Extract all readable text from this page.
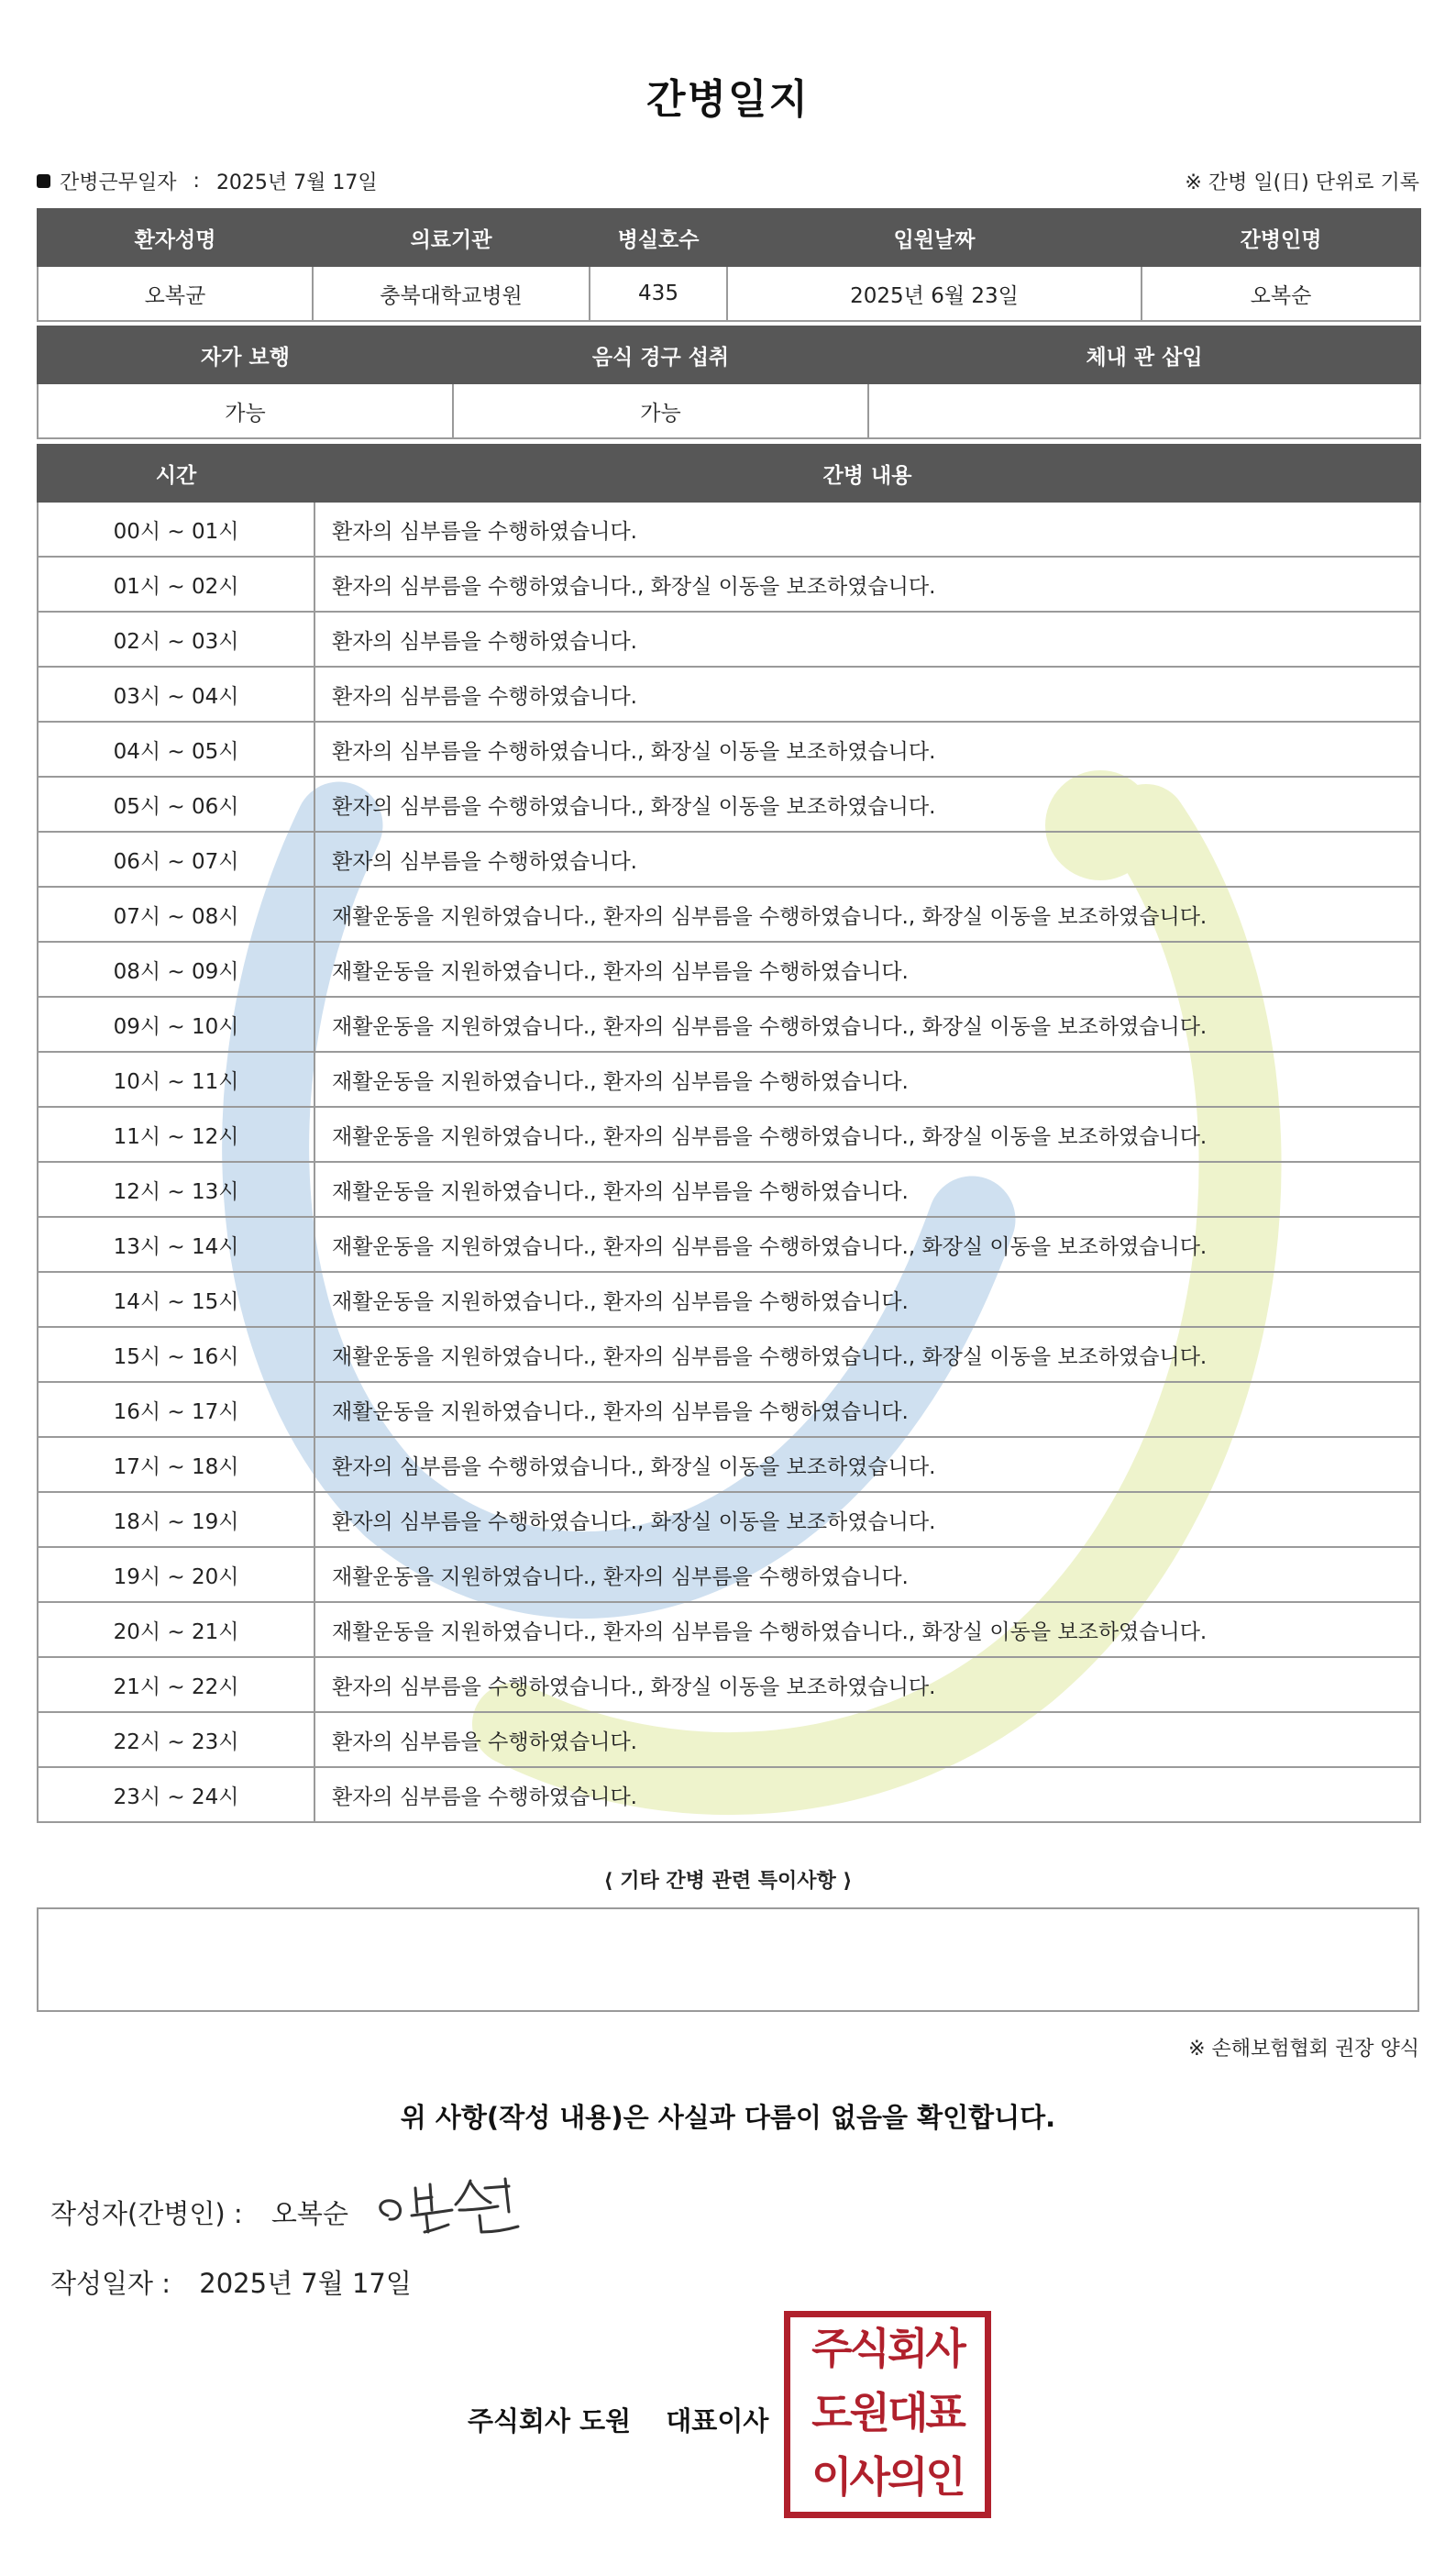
간병일지
간병근무일자 : 2025년 7월 17일	※ 간병 일(日) 단위로 기록
환자성명	의료기관	병실호수	입원날짜	간병인명
오복균	충북대학교병원	435	2025년 6월 23일	오복순
자가 보행	음식 경구 섭취	체내 관 삽입
가능	가능	
시간	간병 내용
00시 ~ 01시	환자의 심부름을 수행하였습니다.
01시 ~ 02시	환자의 심부름을 수행하였습니다., 화장실 이동을 보조하였습니다.
02시 ~ 03시	환자의 심부름을 수행하였습니다.
03시 ~ 04시	환자의 심부름을 수행하였습니다.
04시 ~ 05시	환자의 심부름을 수행하였습니다., 화장실 이동을 보조하였습니다.
05시 ~ 06시	환자의 심부름을 수행하였습니다., 화장실 이동을 보조하였습니다.
06시 ~ 07시	환자의 심부름을 수행하였습니다.
07시 ~ 08시	재활운동을 지원하였습니다., 환자의 심부름을 수행하였습니다., 화장실 이동을 보조하였습니다.
08시 ~ 09시	재활운동을 지원하였습니다., 환자의 심부름을 수행하였습니다.
09시 ~ 10시	재활운동을 지원하였습니다., 환자의 심부름을 수행하였습니다., 화장실 이동을 보조하였습니다.
10시 ~ 11시	재활운동을 지원하였습니다., 환자의 심부름을 수행하였습니다.
11시 ~ 12시	재활운동을 지원하였습니다., 환자의 심부름을 수행하였습니다., 화장실 이동을 보조하였습니다.
12시 ~ 13시	재활운동을 지원하였습니다., 환자의 심부름을 수행하였습니다.
13시 ~ 14시	재활운동을 지원하였습니다., 환자의 심부름을 수행하였습니다., 화장실 이동을 보조하였습니다.
14시 ~ 15시	재활운동을 지원하였습니다., 환자의 심부름을 수행하였습니다.
15시 ~ 16시	재활운동을 지원하였습니다., 환자의 심부름을 수행하였습니다., 화장실 이동을 보조하였습니다.
16시 ~ 17시	재활운동을 지원하였습니다., 환자의 심부름을 수행하였습니다.
17시 ~ 18시	환자의 심부름을 수행하였습니다., 화장실 이동을 보조하였습니다.
18시 ~ 19시	환자의 심부름을 수행하였습니다., 화장실 이동을 보조하였습니다.
19시 ~ 20시	재활운동을 지원하였습니다., 환자의 심부름을 수행하였습니다.
20시 ~ 21시	재활운동을 지원하였습니다., 환자의 심부름을 수행하였습니다., 화장실 이동을 보조하였습니다.
21시 ~ 22시	환자의 심부름을 수행하였습니다., 화장실 이동을 보조하였습니다.
22시 ~ 23시	환자의 심부름을 수행하였습니다.
23시 ~ 24시	환자의 심부름을 수행하였습니다.
⟨ 기타 간병 관련 특이사항 ⟩
※ 손해보험협회 권장 양식
위 사항(작성 내용)은 사실과 다름이 없음을 확인합니다.
작성자(간병인) : 오복순
작성일자 : 2025년 7월 17일
주식회사 도원 대표이사
주식회사
도원대표
이사의인
